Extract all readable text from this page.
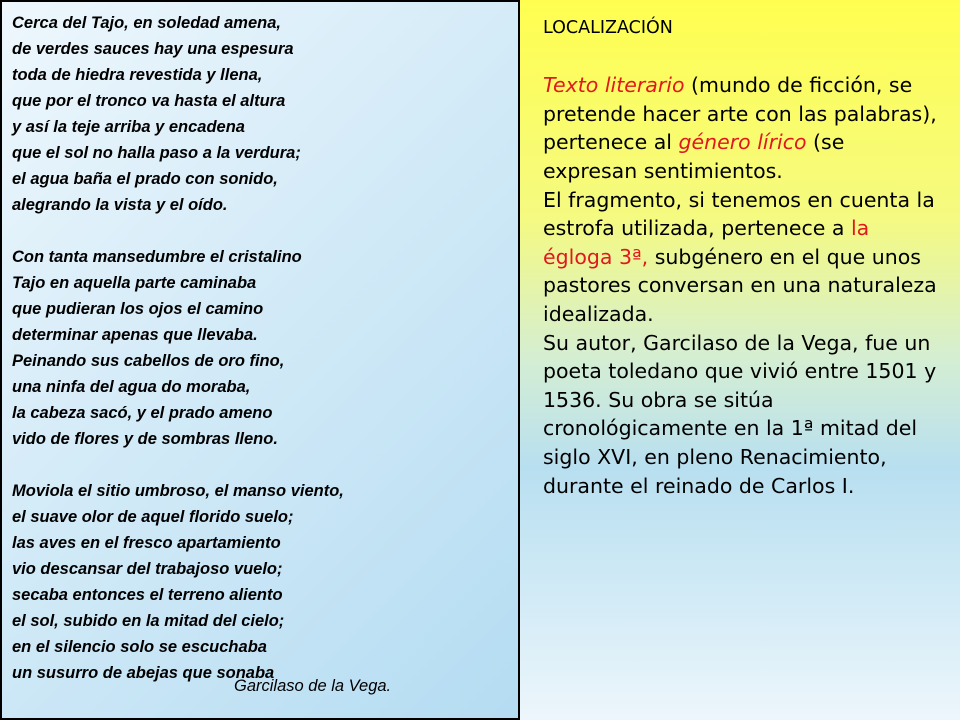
Cerca del Tajo, en soledad amena,
de verdes sauces hay una espesura
toda de hiedra revestida y llena,
que por el tronco va hasta el altura
y así la teje arriba y encadena
que el sol no halla paso a la verdura;
el agua baña el prado con sonido,
alegrando la vista y el oído.
Con tanta mansedumbre el cristalino
Tajo en aquella parte caminaba
que pudieran los ojos el camino
determinar apenas que llevaba.
Peinando sus cabellos de oro fino,
una ninfa del agua do moraba,
la cabeza sacó, y el prado ameno
vido de flores y de sombras lleno.
Moviola el sitio umbroso, el manso viento,
el suave olor de aquel florido suelo;
las aves en el fresco apartamiento
vio descansar del trabajoso vuelo;
secaba entonces el terreno aliento
el sol, subido en la mitad del cielo;
en el silencio solo se escuchaba
un susurro de abejas que sonaba
Garcilaso de la Vega.
LOCALIZACIÓN

Texto literario (mundo de ficción, se pretende hacer arte con las palabras), pertenece al género lírico (se expresan sentimientos.

El fragmento, si tenemos en cuenta la estrofa utilizada, pertenece a la égloga 3ª, subgénero en el que unos pastores conversan en una naturaleza idealizada.

Su autor, Garcilaso de la Vega, fue un poeta toledano que vivió entre 1501 y 1536. Su obra se sitúa cronológicamente en la 1ª mitad del siglo XVI, en pleno Renacimiento, durante el reinado de Carlos I.
